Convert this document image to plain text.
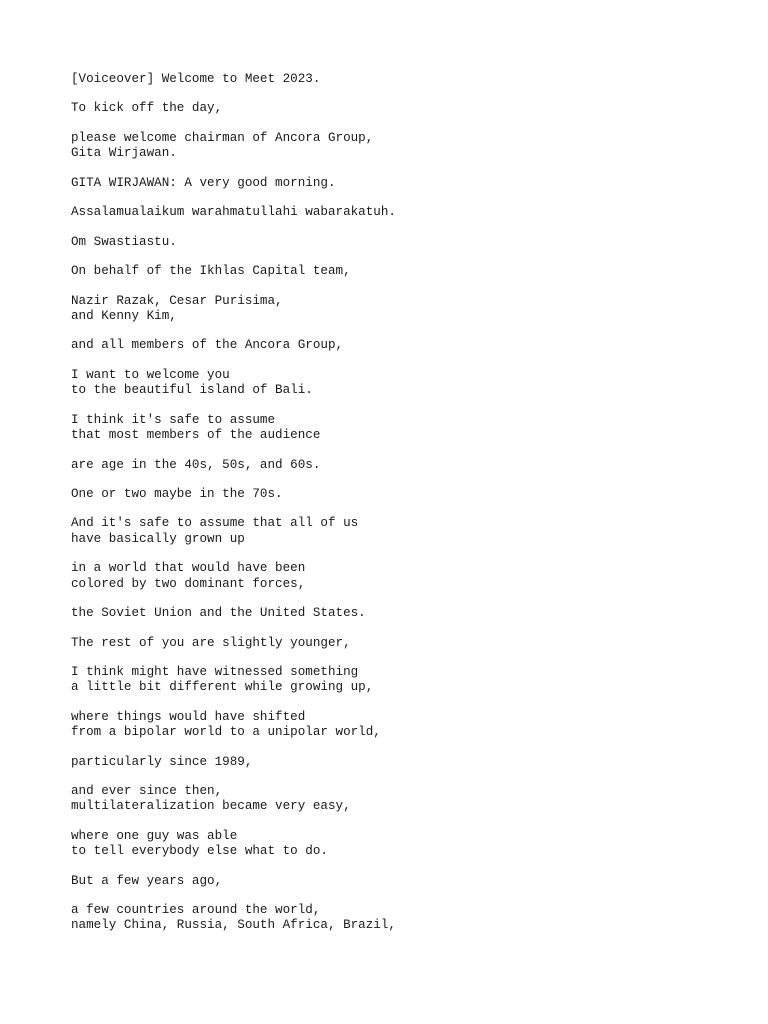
[Voiceover] Welcome to Meet 2023.

To kick off the day,

please welcome chairman of Ancora Group,
Gita Wirjawan.

GITA WIRJAWAN: A very good morning.

Assalamualaikum warahmatullahi wabarakatuh.

Om Swastiastu.

On behalf of the Ikhlas Capital team,

Nazir Razak, Cesar Purisima,
and Kenny Kim,

and all members of the Ancora Group,

I want to welcome you
to the beautiful island of Bali.

I think it's safe to assume
that most members of the audience

are age in the 40s, 50s, and 60s.

One or two maybe in the 70s.

And it's safe to assume that all of us
have basically grown up

in a world that would have been
colored by two dominant forces,

the Soviet Union and the United States.

The rest of you are slightly younger,

I think might have witnessed something
a little bit different while growing up,

where things would have shifted
from a bipolar world to a unipolar world,

particularly since 1989,

and ever since then,
multilateralization became very easy,

where one guy was able
to tell everybody else what to do.

But a few years ago,

a few countries around the world,
namely China, Russia, South Africa, Brazil,
